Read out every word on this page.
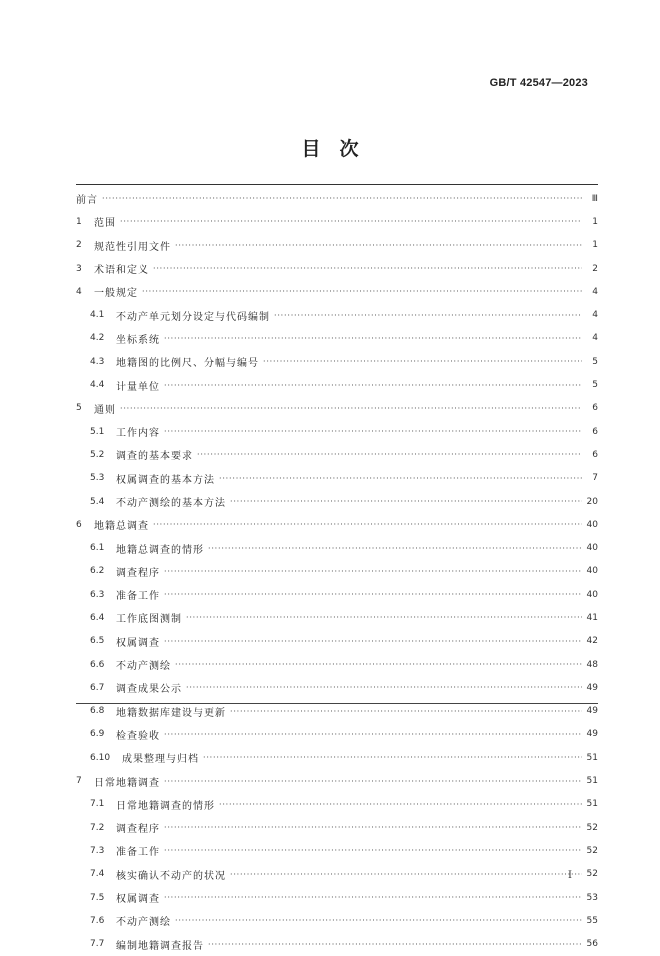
GB/T 42547—2023
目　次
前言 ·····	Ⅲ
1	范围 ·····	1
2	规范性引用文件 ·····	1
3	术语和定义 ·····	2
4	一般规定 ·····	4
4.1	不动产单元划分设定与代码编制 ·····	4
4.2	坐标系统 ·····	4
4.3	地籍图的比例尺、分幅与编号 ·····	5
4.4	计量单位 ·····	5
5	通则 ·····	6
5.1	工作内容 ·····	6
5.2	调查的基本要求 ·····	6
5.3	权属调查的基本方法 ·····	7
5.4	不动产测绘的基本方法 ·····	20
6	地籍总调查 ·····	40
6.1	地籍总调查的情形 ·····	40
6.2	调查程序 ·····	40
6.3	准备工作 ·····	40
6.4	工作底图测制 ·····	41
6.5	权属调查 ·····	42
6.6	不动产测绘 ·····	48
6.7	调查成果公示 ·····	49
6.8	地籍数据库建设与更新 ·····	49
6.9	检查验收 ·····	49
6.10	成果整理与归档 ·····	51
7	日常地籍调查 ·····	51
7.1	日常地籍调查的情形 ·····	51
7.2	调查程序 ·····	52
7.3	准备工作 ·····	52
7.4	核实确认不动产的状况 ·····	52
7.5	权属调查 ·····	53
7.6	不动产测绘 ·····	55
7.7	编制地籍调查报告 ·····	56
I
